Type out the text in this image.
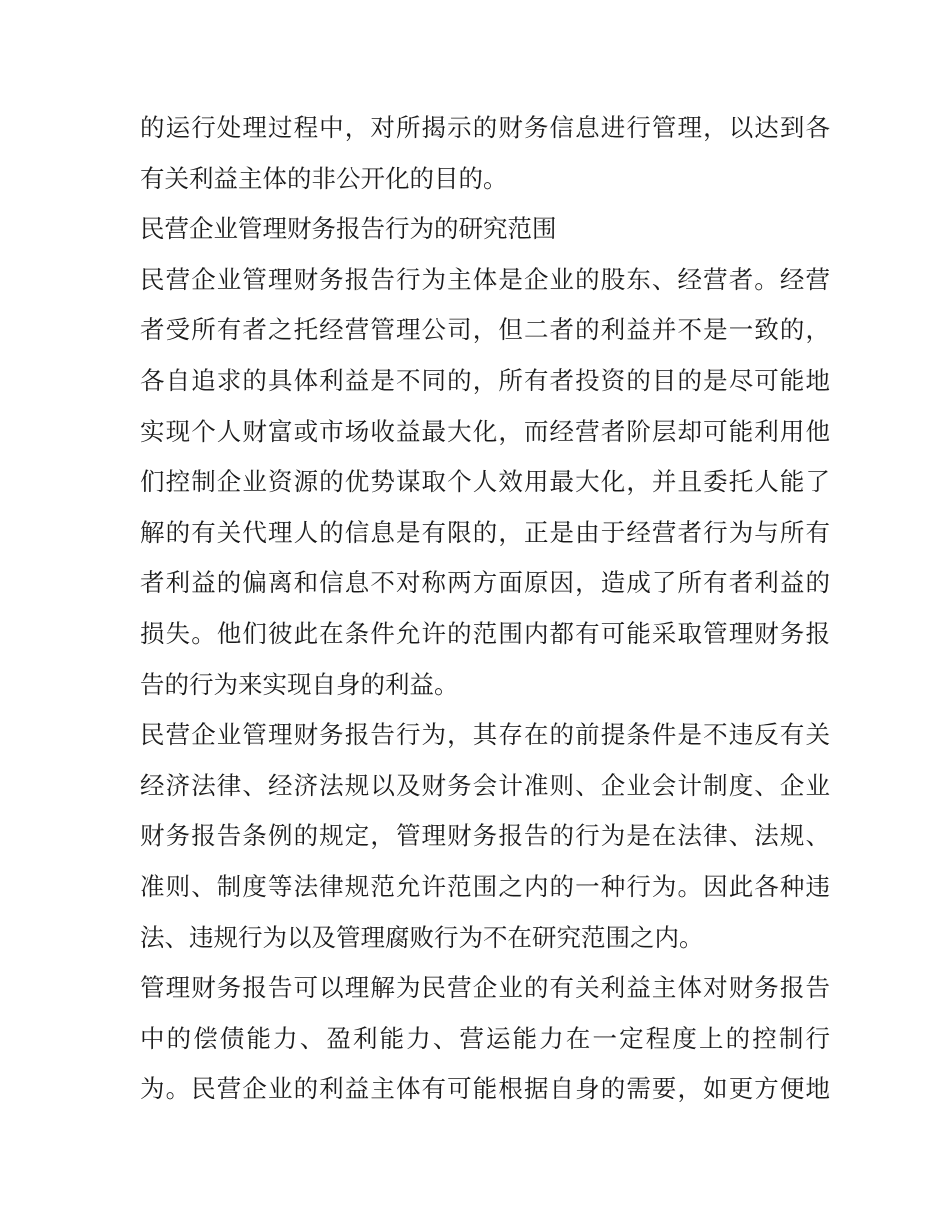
的运行处理过程中，对所揭示的财务信息进行管理，以达到各
有关利益主体的非公开化的目的。
民营企业管理财务报告行为的研究范围
民营企业管理财务报告行为主体是企业的股东、经营者。经营
者受所有者之托经营管理公司，但二者的利益并不是一致的，
各自追求的具体利益是不同的，所有者投资的目的是尽可能地
实现个人财富或市场收益最大化，而经营者阶层却可能利用他
们控制企业资源的优势谋取个人效用最大化，并且委托人能了
解的有关代理人的信息是有限的，正是由于经营者行为与所有
者利益的偏离和信息不对称两方面原因，造成了所有者利益的
损失。他们彼此在条件允许的范围内都有可能采取管理财务报
告的行为来实现自身的利益。
民营企业管理财务报告行为，其存在的前提条件是不违反有关
经济法律、经济法规以及财务会计准则、企业会计制度、企业
财务报告条例的规定，管理财务报告的行为是在法律、法规、
准则、制度等法律规范允许范围之内的一种行为。因此各种违
法、违规行为以及管理腐败行为不在研究范围之内。
管理财务报告可以理解为民营企业的有关利益主体对财务报告
中的偿债能力、盈利能力、营运能力在一定程度上的控制行
为。民营企业的利益主体有可能根据自身的需要，如更方便地
